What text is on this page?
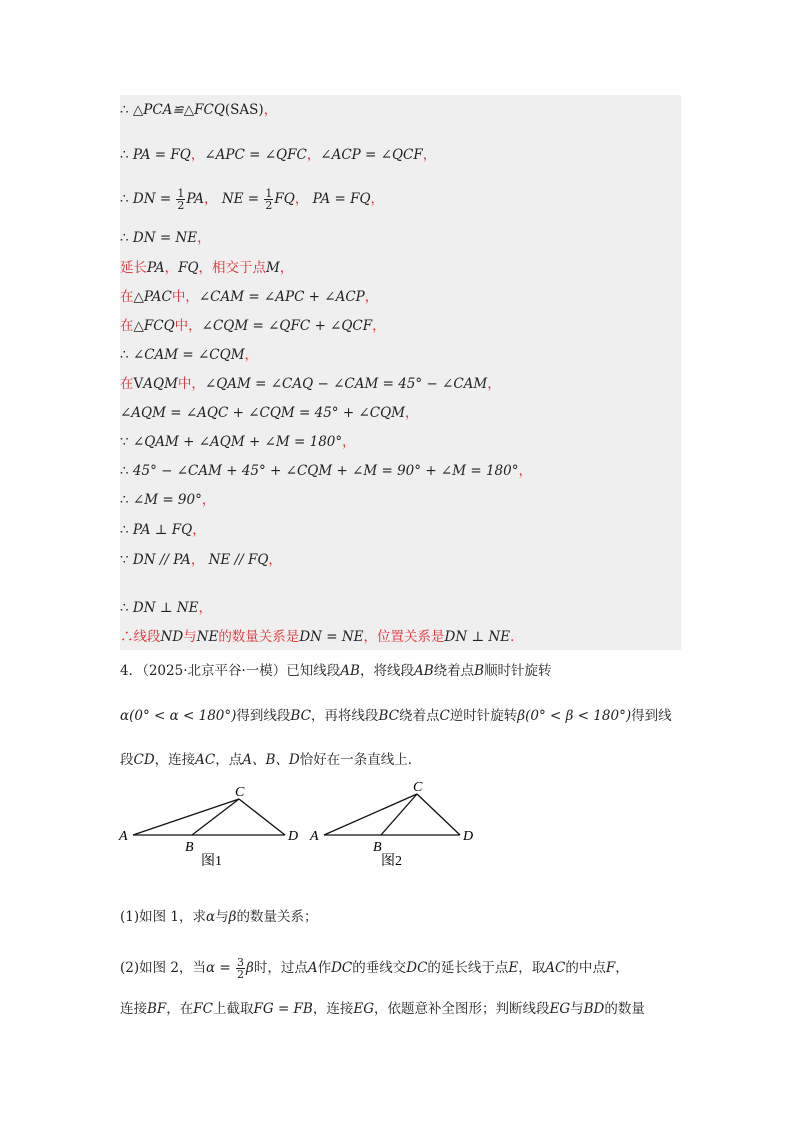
∴ △PCA≌△FCQ(SAS)，
∴ PA = FQ，∠APC = ∠QFC，∠ACP = ∠QCF，
∴ DN = NE，
延长PA，FQ，相交于点M，
在△PAC中，∠CAM = ∠APC + ∠ACP，
在△FCQ中，∠CQM = ∠QFC + ∠QCF，
∴ ∠CAM = ∠CQM，
在VAQM中，∠QAM = ∠CAQ − ∠CAM = 45° − ∠CAM，
∠AQM = ∠AQC + ∠CQM = 45° + ∠CQM，
∵ ∠QAM + ∠AQM + ∠M = 180°，
∴ 45° − ∠CAM + 45° + ∠CQM + ∠M = 90° + ∠M = 180°，
∴ ∠M = 90°，
∴ PA ⊥ FQ，
∵ DN // PA， NE // FQ，
∴ DN ⊥ NE，
∴线段ND与NE的数量关系是DN = NE，位置关系是DN ⊥ NE．
∴ DN = $\frac{1}{2}$ PA， NE = $\frac{1}{2}$ FQ， PA = FQ，
4．（2025·北京平谷·一模）已知线段AB，将线段AB绕着点B顺时针旋转
α(0° < α < 180°)得到线段BC，再将线段BC绕着点C逆时针旋转β(0° < β < 180°)得到线
段CD，连接AC，点A、B、D恰好在一条直线上．
A
B
C
D
图1
A
B
C
D
图2
(1)如图 1，求α与β的数量关系；
(2)如图 2，当$\alpha = \frac{3}{2}$ β时，过点A作DC的垂线交DC的延长线于点E，取AC的中点F，
连接BF，在FC上截取FG = FB，连接EG，依题意补全图形；判断线段EG与BD的数量
